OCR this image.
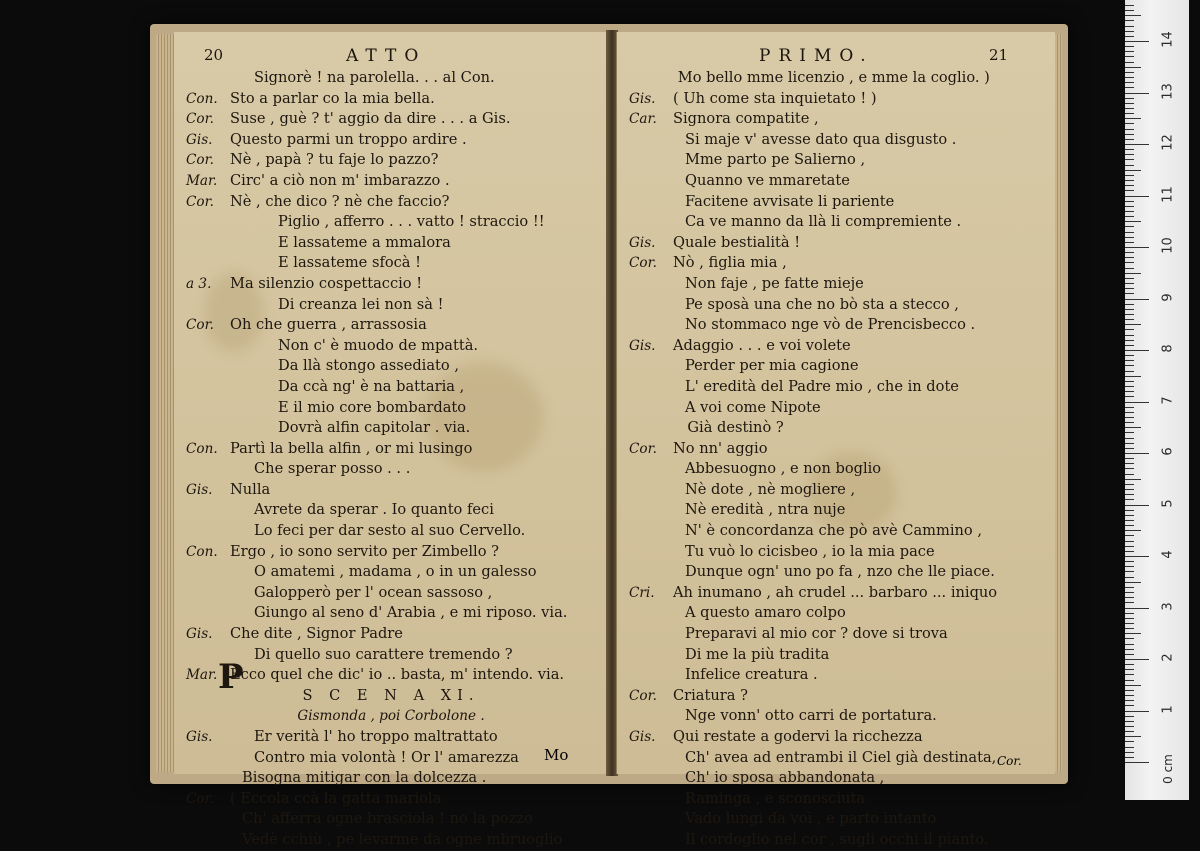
20	ATTO
Signorè ! na parolella. . . al Con.
Con. Sto a parlar co la mia bella.
Cor. Suse , guè ? t' aggio da dire . . . a Gis.
Gis. Questo parmi un troppo ardire .
Cor. Nè , papà ? tu faje lo pazzo?
Mar. Circ' a ciò non m' imbarazzo .
Cor. Nè , che dico ? nè che faccio?
Piglio , afferro . . . vatto ! straccio !!
E lassateme a mmalora
E lassateme sfocà !
a 3. Ma silenzio cospettaccio !
Di creanza lei non sà !
Cor. Oh che guerra , arrassosia
Non c' è muodo de mpattà.
Da llà stongo assediato ,
Da ccà ng' è na battaria ,
E il mio core bombardato
Dovrà alfin capitolar . via.
Con. Partì la bella alfin , or mi lusingo
Che sperar posso . . .
Gis. Nulla
Avrete da sperar . Io quanto feci
Lo feci per dar sesto al suo Cervello.
Con. Ergo , io sono servito per Zimbello ?
O amatemi , madama , o in un galesso
Galopperò per l' ocean sassoso ,
Giungo al seno d' Arabia , e mi riposo. via.
Gis. Che dite , Signor Padre
Di quello suo carattere tremendo ?
Mar. Ecco quel che dic' io .. basta, m' intendo. via.
S C E N A XI.
Gismonda , poi Corbolone .
Gis.	Er verità l' ho troppo maltrattato
Contro mia volontà ! Or l' amarezza
Bisogna mitigar con la dolcezza .
Cor. ( Eccola ccà la gatta mariola
Ch' afferra ogne brasciola ! no la pozzo
Vedè cchiù , pe levarme da ogne mbruoglio
P
Mo
PRIMO.	21
Mo bello mme licenzio , e mme la coglio. )
Gis. ( Uh come sta inquietato ! )
Car. Signora compatite ,
Si maje v' avesse dato qua disgusto .
Mme parto pe Salierno ,
Quanno ve mmaretate
Facitene avvisate li pariente
Ca ve manno da llà li compremiente .
Gis. Quale bestialità !
Cor. Nò , figlia mia ,
Non faje , pe fatte mieje
Pe sposà una che no bò sta a stecco ,
No stommaco nge vò de Prencisbecco .
Gis. Adaggio . . . e voi volete
Perder per mia cagione
L' eredità del Padre mio , che in dote
A voi come Nipote
Già destinò ?
Cor. No nn' aggio
Abbesuogno , e non boglio
Nè dote , nè mogliere ,
Nè eredità , ntra nuje
N' è concordanza che pò avè Cammino ,
Tu vuò lo cicisbeo , io la mia pace
Dunque ogn' uno po fa , nzo che lle piace.
Cri. Ah inumano , ah crudel ... barbaro ... iniquo
A questo amaro colpo
Preparavi al mio cor ? dove si trova
Di me la più tradita
Infelice creatura .
Cor. Criatura ?
Nge vonn' otto carri de portatura.
Gis. Qui restate a godervi la ricchezza
Ch' avea ad entrambi il Ciel già destinata,
Ch' io sposa abbandonata ,
Raminga , e sconosciuta
Vado lungi da voi , e parto intanto
Il cordoglio nel cor , sugli occhi il pianto.
Cor.	0 cm
1
2
3
4
5
6
7
8
9
10
11
12
13
14
